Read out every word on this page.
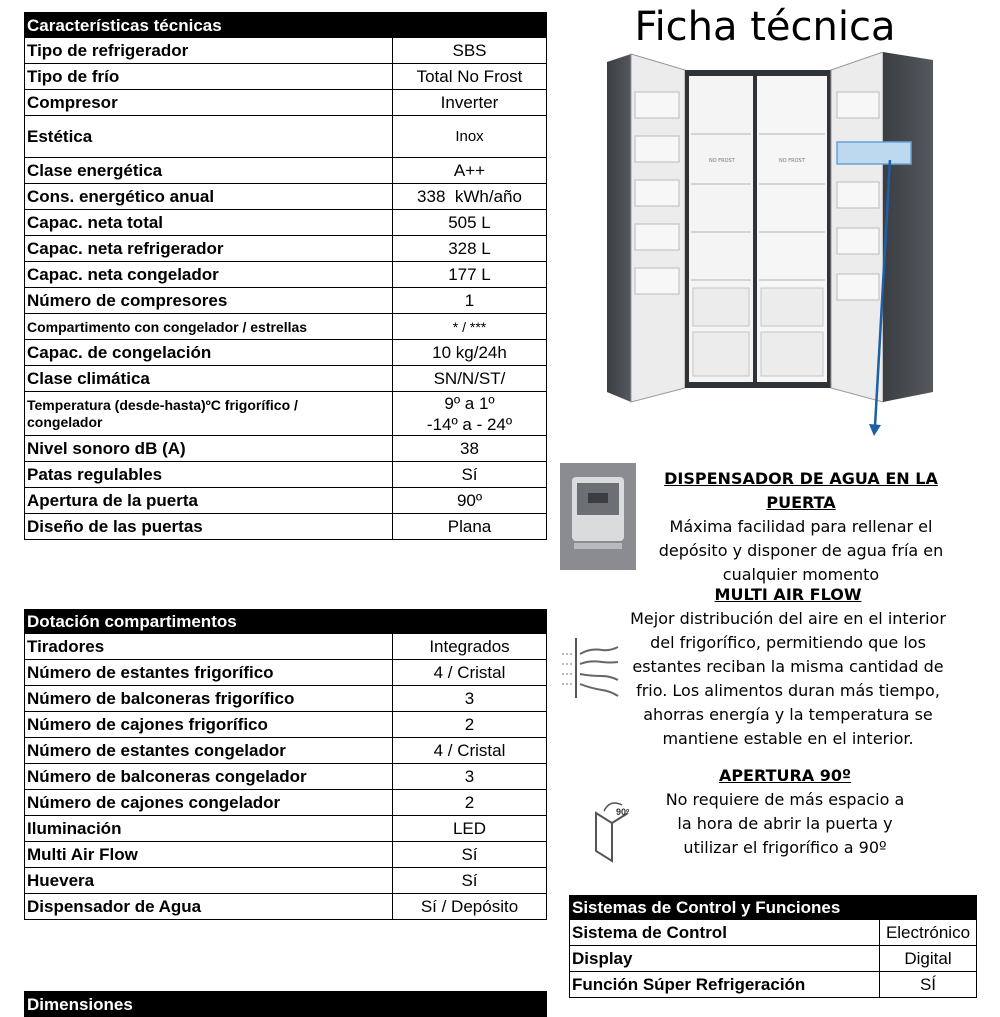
Características técnicas	
Tipo de refrigerador	SBS
Tipo de frío	Total No Frost
Compresor	Inverter
Estética	Inox
Clase energética	A++
Cons. energético anual	338  kWh/año
Capac. neta total	505 L
Capac. neta refrigerador	328 L
Capac. neta congelador	177 L
Número de compresores	1
Compartimento con congelador / estrellas	* / ***
Capac. de congelación	10 kg/24h
Clase climática	SN/N/ST/
Temperatura (desde-hasta)ºC frigorífico /
congelador	9º a 1º
-14º a - 24º
Nivel sonoro dB (A)	38
Patas regulables	Sí
Apertura de la puerta	90º
Diseño de las puertas	Plana
Dotación compartimentos	
Tiradores	Integrados
Número de estantes frigorífico	4 / Cristal
Número de balconeras frigorífico	3
Número de cajones frigorífico	2
Número de estantes congelador	4 / Cristal
Número de balconeras congelador	3
Número de cajones congelador	2
Iluminación	LED
Multi Air Flow	Sí
Huevera	Sí
Dispensador de Agua	Sí / Depósito
Dimensiones
Ficha técnica
NO FROST	NO FROST
90º
DISPENSADOR DE AGUA EN LA PUERTA
Máxima facilidad para rellenar el
depósito y disponer de agua fría en
cualquier momento
MULTI AIR FLOW
Mejor distribución del aire en el interior
del frigorífico, permitiendo que los
estantes reciban la misma cantidad de
frio. Los alimentos duran más tiempo,
ahorras energía y la temperatura se
mantiene estable en el interior.
APERTURA 90º
No requiere de más espacio a
la hora de abrir la puerta y
utilizar el frigorífico a 90º
Sistemas de Control y Funciones	
Sistema de Control	Electrónico
Display	Digital
Función Súper Refrigeración	SÍ
